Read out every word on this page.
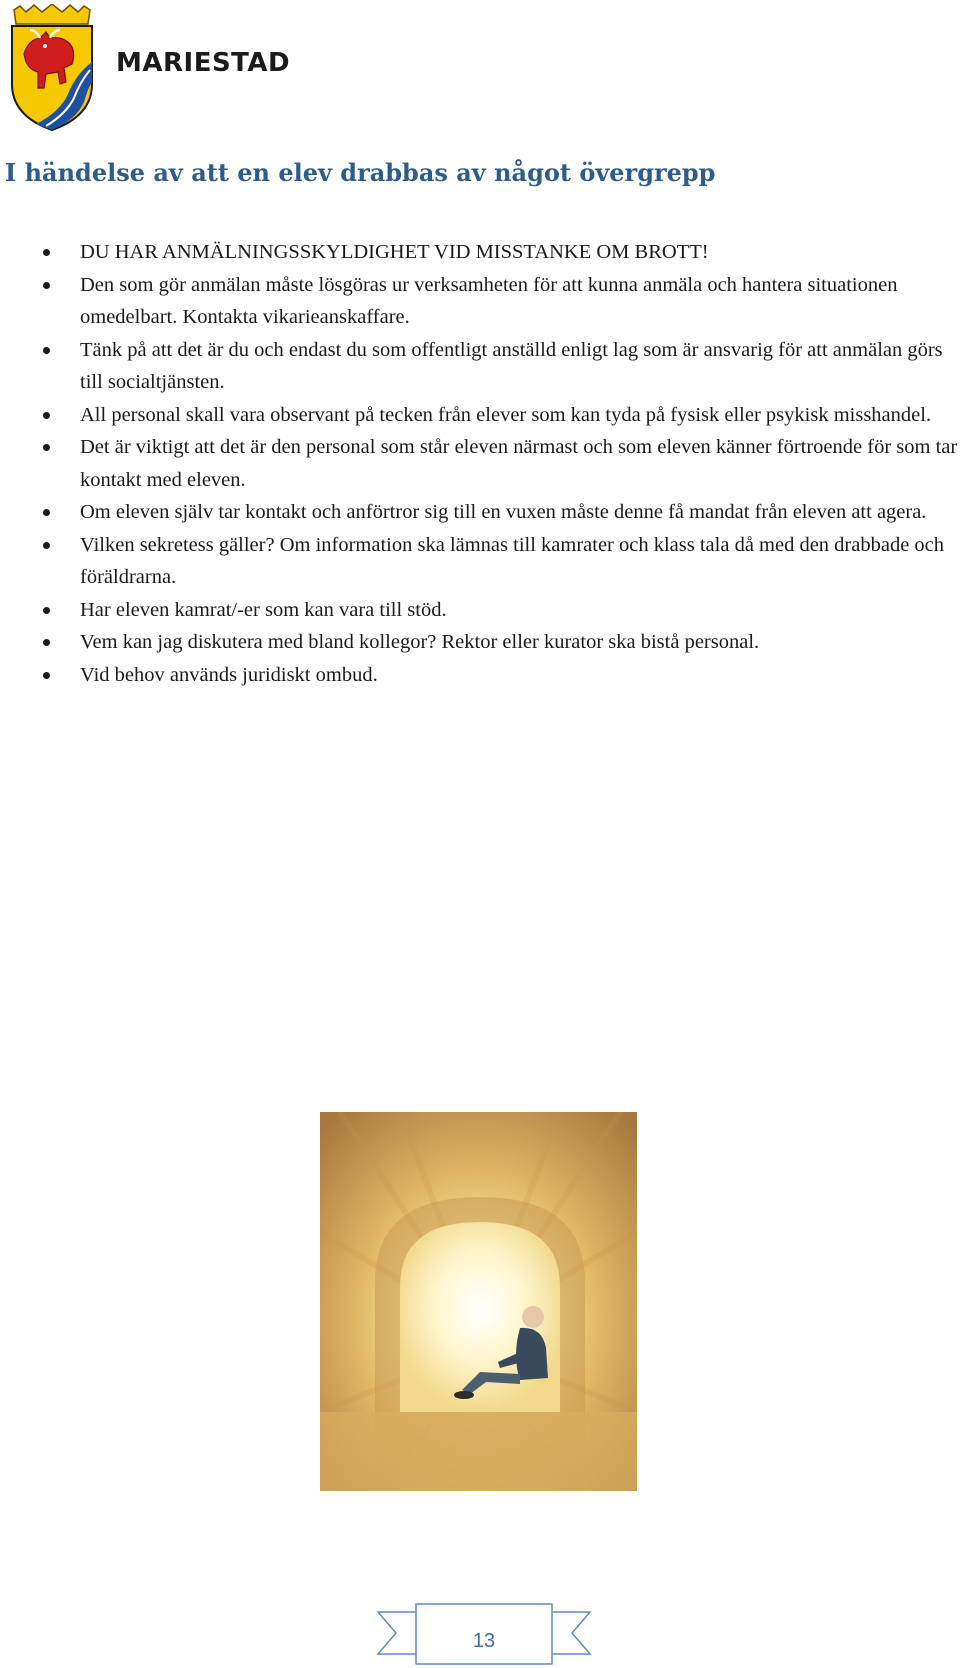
MARIESTAD
I händelse av att en elev drabbas av något övergrepp
DU HAR ANMÄLNINGSSKYLDIGHET VID MISSTANKE OM BROTT!
Den som gör anmälan måste lösgöras ur verksamheten för att kunna anmäla och hantera situationen omedelbart. Kontakta vikarieanskaffare.
Tänk på att det är du och endast du som offentligt anställd enligt lag som är ansvarig för att anmälan görs till socialtjänsten.
All personal skall vara observant på tecken från elever som kan tyda på fysisk eller psykisk misshandel.
Det är viktigt att det är den personal som står eleven närmast och som eleven känner förtroende för som tar kontakt med eleven.
Om eleven själv tar kontakt och anförtror sig till en vuxen måste denne få mandat från eleven att agera.
Vilken sekretess gäller? Om information ska lämnas till kamrater och klass tala då med den drabbade och föräldrarna.
Har eleven kamrat/-er som kan vara till stöd.
Vem kan jag diskutera med bland kollegor? Rektor eller kurator ska bistå personal.
Vid behov används juridiskt ombud.
13
